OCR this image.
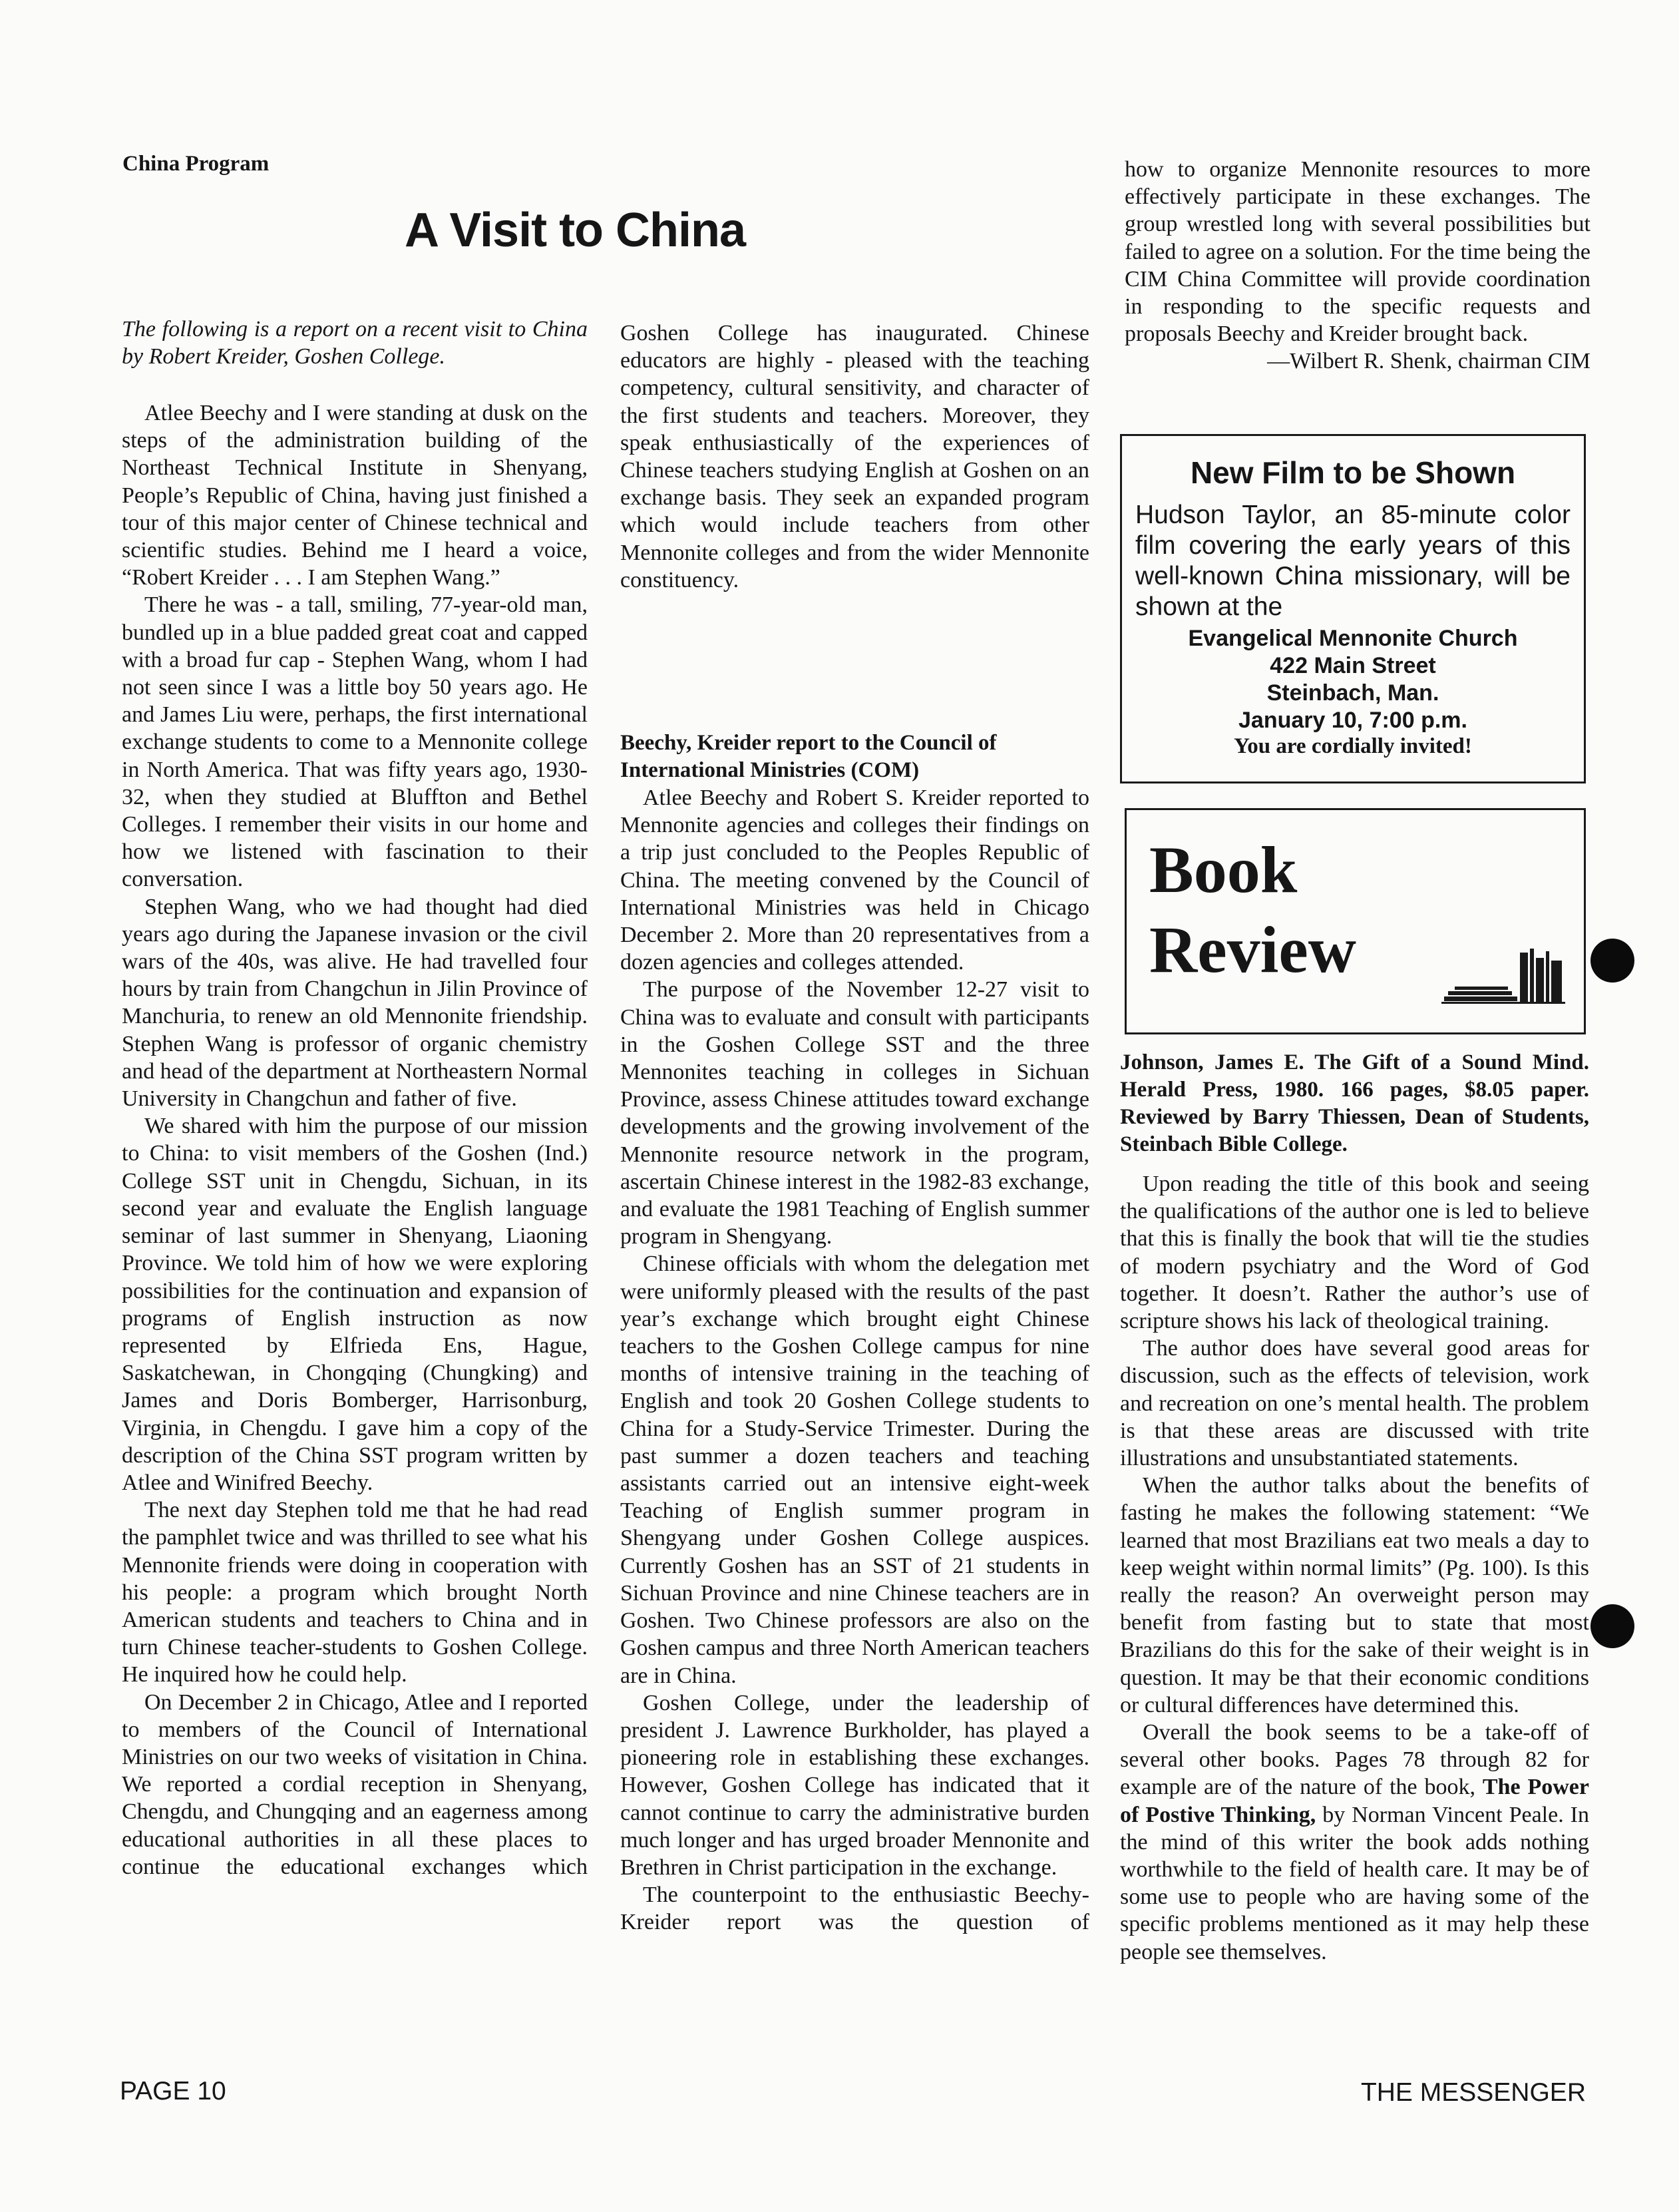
China Program
A Visit to China

The following is a report on a recent visit to China by Robert Kreider, Goshen College.

Atlee Beechy and I were standing at dusk on the steps of the administration building of the Northeast Technical Institute in Shenyang, People’s Republic of China, having just finished a tour of this major center of Chinese technical and scientific studies. Behind me I heard a voice, “Robert Kreider . . . I am Stephen Wang.”

There he was - a tall, smiling, 77-year-old man, bundled up in a blue padded great coat and capped with a broad fur cap - Stephen Wang, whom I had not seen since I was a little boy 50 years ago. He and James Liu were, perhaps, the first international exchange students to come to a Mennonite college in North America. That was fifty years ago, 1930-32, when they studied at Bluffton and Bethel Colleges. I remember their visits in our home and how we listened with fascination to their conversation.

Stephen Wang, who we had thought had died years ago during the Japanese invasion or the civil wars of the 40s, was alive. He had travelled four hours by train from Changchun in Jilin Province of Manchuria, to renew an old Mennonite friendship. Stephen Wang is professor of organic chemistry and head of the department at Northeastern Normal University in Changchun and father of five.

We shared with him the purpose of our mission to China: to visit members of the Goshen (Ind.) College SST unit in Chengdu, Sichuan, in its second year and evaluate the English language seminar of last summer in Shenyang, Liaoning Province. We told him of how we were exploring possibilities for the continuation and expansion of programs of English instruction as now represented by Elfrieda Ens, Hague, Saskatchewan, in Chongqing (Chungking) and James and Doris Bomberger, Harrisonburg, Virginia, in Chengdu. I gave him a copy of the description of the China SST program written by Atlee and Winifred Beechy.

The next day Stephen told me that he had read the pamphlet twice and was thrilled to see what his Mennonite friends were doing in cooperation with his people: a program which brought North American students and teachers to China and in turn Chinese teacher-students to Goshen College. He inquired how he could help.

On December 2 in Chicago, Atlee and I reported to members of the Council of International Ministries on our two weeks of visitation in China. We reported a cordial reception in Shenyang, Chengdu, and Chungqing and an eagerness among educational authorities in all these places to continue the educational exchanges which

Goshen College has inaugurated. Chinese educators are highly - pleased with the teaching competency, cultural sensitivity, and character of the first students and teachers. Moreover, they speak enthusiastically of the experiences of Chinese teachers studying English at Goshen on an exchange basis. They seek an expanded program which would include teachers from other Mennonite colleges and from the wider Mennonite constituency.

Beechy, Kreider report to the Council of International Ministries (COM)

Atlee Beechy and Robert S. Kreider reported to Mennonite agencies and colleges their findings on a trip just concluded to the Peoples Republic of China. The meeting convened by the Council of International Ministries was held in Chicago December 2. More than 20 representatives from a dozen agencies and colleges attended.

The purpose of the November 12-27 visit to China was to evaluate and consult with participants in the Goshen College SST and the three Mennonites teaching in colleges in Sichuan Province, assess Chinese attitudes toward exchange developments and the growing involvement of the Mennonite resource network in the program, ascertain Chinese interest in the 1982-83 exchange, and evaluate the 1981 Teaching of English summer program in Shengyang.

Chinese officials with whom the delegation met were uniformly pleased with the results of the past year’s exchange which brought eight Chinese teachers to the Goshen College campus for nine months of intensive training in the teaching of English and took 20 Goshen College students to China for a Study-Service Trimester. During the past summer a dozen teachers and teaching assistants carried out an intensive eight-week Teaching of English summer program in Shengyang under Goshen College auspices. Currently Goshen has an SST of 21 students in Sichuan Province and nine Chinese teachers are in Goshen. Two Chinese professors are also on the Goshen campus and three North American teachers are in China.

Goshen College, under the leadership of president J. Lawrence Burkholder, has played a pioneering role in establishing these exchanges. However, Goshen College has indicated that it cannot continue to carry the administrative burden much longer and has urged broader Mennonite and Brethren in Christ participation in the exchange.

The counterpoint to the enthusiastic Beechy-Kreider report was the question of

how to organize Mennonite resources to more effectively participate in these exchanges. The group wrestled long with several possibilities but failed to agree on a solution. For the time being the CIM China Committee will provide coordination in responding to the specific requests and proposals Beechy and Kreider brought back.

—Wilbert R. Shenk, chairman CIM

New Film to be Shown

Hudson Taylor, an 85-minute color film covering the early years of this well-known China missionary, will be shown at the

Evangelical Mennonite Church

422 Main Street

Steinbach, Man.

January 10, 7:00 p.m.

You are cordially invited!

Book
Review

Johnson, James E. The Gift of a Sound Mind. Herald Press, 1980. 166 pages, $8.05 paper. Reviewed by Barry Thiessen, Dean of Students, Steinbach Bible College.

Upon reading the title of this book and seeing the qualifications of the author one is led to believe that this is finally the book that will tie the studies of modern psychiatry and the Word of God together. It doesn’t. Rather the author’s use of scripture shows his lack of theological training.

The author does have several good areas for discussion, such as the effects of television, work and recreation on one’s mental health. The problem is that these areas are discussed with trite illustrations and unsubstantiated statements.

When the author talks about the benefits of fasting he makes the following statement: “We learned that most Brazilians eat two meals a day to keep weight within normal limits” (Pg. 100). Is this really the reason? An overweight person may benefit from fasting but to state that most Brazilians do this for the sake of their weight is in question. It may be that their economic conditions or cultural differences have determined this.

Overall the book seems to be a take-off of several other books. Pages 78 through 82 for example are of the nature of the book, The Power of Postive Thinking, by Norman Vincent Peale. In the mind of this writer the book adds nothing worthwhile to the field of health care. It may be of some use to people who are having some of the specific problems mentioned as it may help these people see themselves.

PAGE 10	THE MESSENGER
